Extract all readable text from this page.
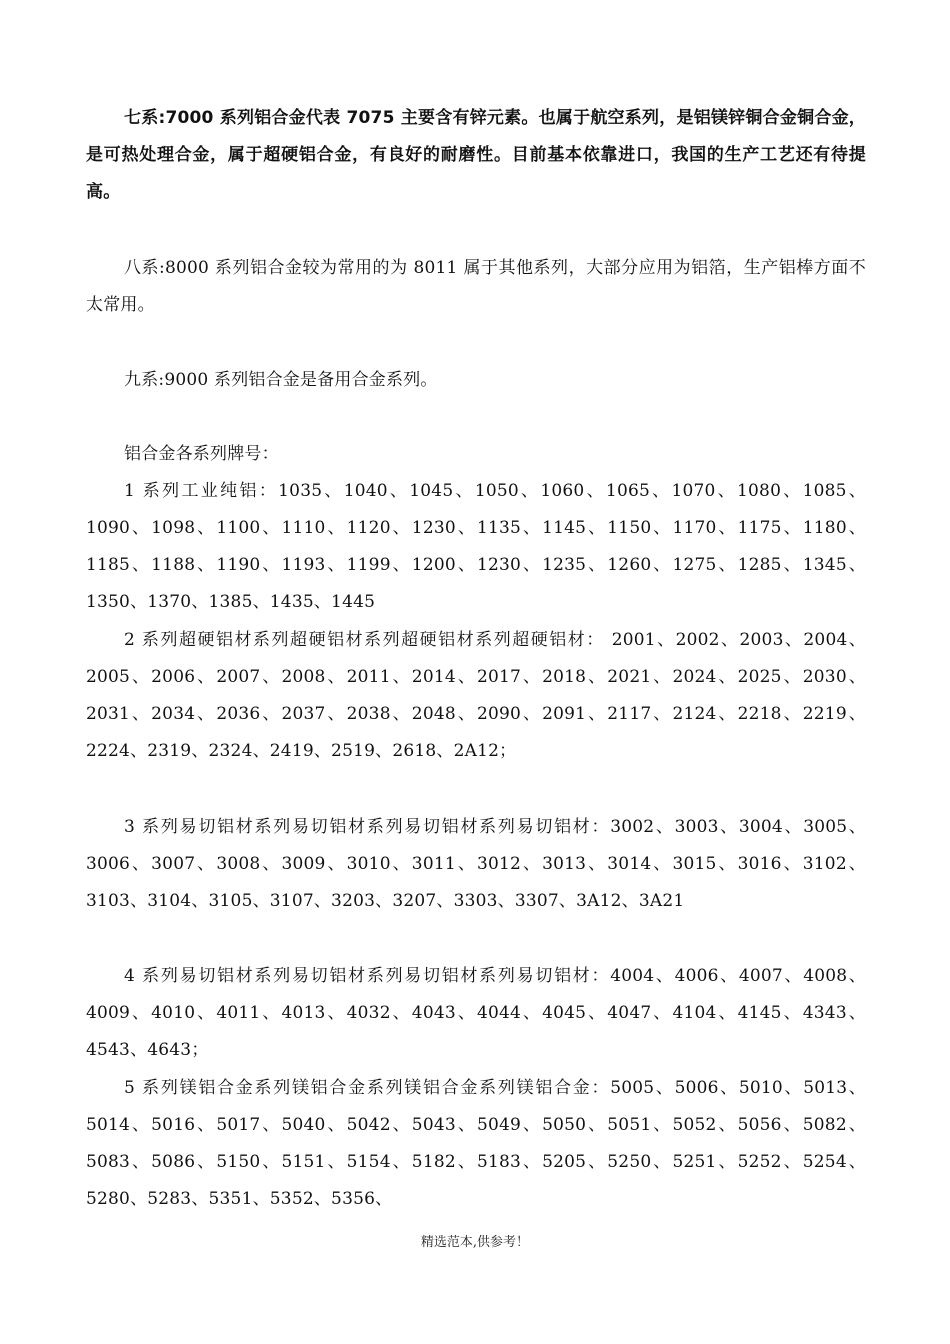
七系:7000 系列铝合金代表 7075 主要含有锌元素。也属于航空系列，是铝镁锌铜合金铜合金，是可热处理合金，属于超硬铝合金，有良好的耐磨性。目前基本依靠进口，我国的生产工艺还有待提高。

八系:8000 系列铝合金较为常用的为 8011 属于其他系列，大部分应用为铝箔，生产铝棒方面不太常用。

九系:9000 系列铝合金是备用合金系列。

铝合金各系列牌号：

1 系列工业纯铝：1035、1040、1045、1050、1060、1065、1070、1080、1085、1090、1098、1100、1110、1120、1230、1135、1145、1150、1170、1175、1180、1185、1188、1190、1193、1199、1200、1230、1235、1260、1275、1285、1345、1350、1370、1385、1435、1445

2 系列超硬铝材系列超硬铝材系列超硬铝材系列超硬铝材： 2001、2002、2003、2004、2005、2006、2007、2008、2011、2014、2017、2018、2021、2024、2025、2030、2031、2034、2036、2037、2038、2048、2090、2091、2117、2124、2218、2219、2224、2319、2324、2419、2519、2618、2A12；

3 系列易切铝材系列易切铝材系列易切铝材系列易切铝材：3002、3003、3004、3005、3006、3007、3008、3009、3010、3011、3012、3013、3014、3015、3016、3102、3103、3104、3105、3107、3203、3207、3303、3307、3A12、3A21

4 系列易切铝材系列易切铝材系列易切铝材系列易切铝材：4004、4006、4007、4008、4009、4010、4011、4013、4032、4043、4044、4045、4047、4104、4145、4343、4543、4643；

5 系列镁铝合金系列镁铝合金系列镁铝合金系列镁铝合金：5005、5006、5010、5013、5014、5016、5017、5040、5042、5043、5049、5050、5051、5052、5056、5082、5083、5086、5150、5151、5154、5182、5183、5205、5250、5251、5252、5254、5280、5283、5351、5352、5356、

精选范本,供参考！
